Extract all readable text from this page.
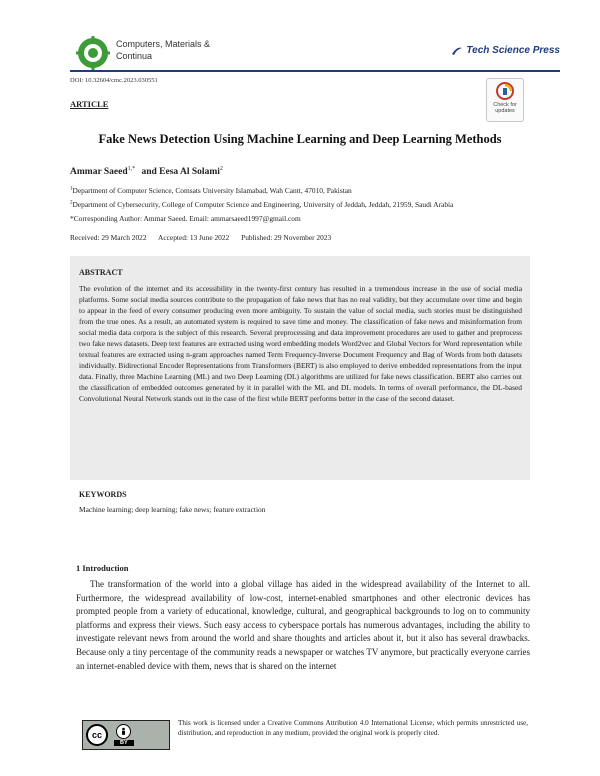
Computers, Materials &
Continua	Tech Science Press
DOI: 10.32604/cmc.2023.030551
ARTICLE	Check for
updates
Fake News Detection Using Machine Learning and Deep Learning Methods
Ammar Saeed$^{1,*}$ and Eesa Al Solami$^2$
$^1$Department of Computer Science, Comsats University Islamabad, Wah Cantt, 47010, Pakistan
$^2$Department of Cybersecurity, College of Computer Science and Engineering, University of Jeddah, Jeddah, 21959, Saudi Arabia
*Corresponding Author: Ammar Saeed. Email: ammarsaeed1997@gmail.com
Received: 29 March 2022 Accepted: 13 June 2022 Published: 29 November 2023
ABSTRACT
The evolution of the internet and its accessibility in the twenty-first century has resulted in a tremendous increase in the use of social media platforms. Some social media sources contribute to the propagation of fake news that has no real validity, but they accumulate over time and begin to appear in the feed of every consumer producing even more ambiguity. To sustain the value of social media, such stories must be distinguished from the true ones. As a result, an automated system is required to save time and money. The classification of fake news and misinformation from social media data corpora is the subject of this research. Several preprocessing and data improvement procedures are used to gather and preprocess two fake news datasets. Deep text features are extracted using word embedding models Word2vec and Global Vectors for Word representation while textual features are extracted using n-gram approaches named Term Frequency-Inverse Document Frequency and Bag of Words from both datasets individually. Bidirectional Encoder Representations from Transformers (BERT) is also employed to derive embedded representations from the input data. Finally, three Machine Learning (ML) and two Deep Learning (DL) algorithms are utilized for fake news classification. BERT also carries out the classification of embedded outcomes generated by it in parallel with the ML and DL models. In terms of overall performance, the DL-based Convolutional Neural Network stands out in the case of the first while BERT performs better in the case of the second dataset.
KEYWORDS
Machine learning; deep learning; fake news; feature extraction
1 Introduction
The transformation of the world into a global village has aided in the widespread availability of the Internet to all. Furthermore, the widespread availability of low-cost, internet-enabled smartphones and other electronic devices has prompted people from a variety of educational, knowledge, cultural, and geographical backgrounds to log on to community platforms and express their views. Such easy access to cyberspace portals has numerous advantages, including the ability to investigate relevant news from around the world and share thoughts and articles about it, but it also has several drawbacks. Because only a tiny percentage of the community reads a newspaper or watches TV anymore, but practically everyone carries an internet-enabled device with them, news that is shared on the internet
cc
BY
This work is licensed under a Creative Commons Attribution 4.0 International License, which permits unrestricted use, distribution, and reproduction in any medium, provided the original work is properly cited.
